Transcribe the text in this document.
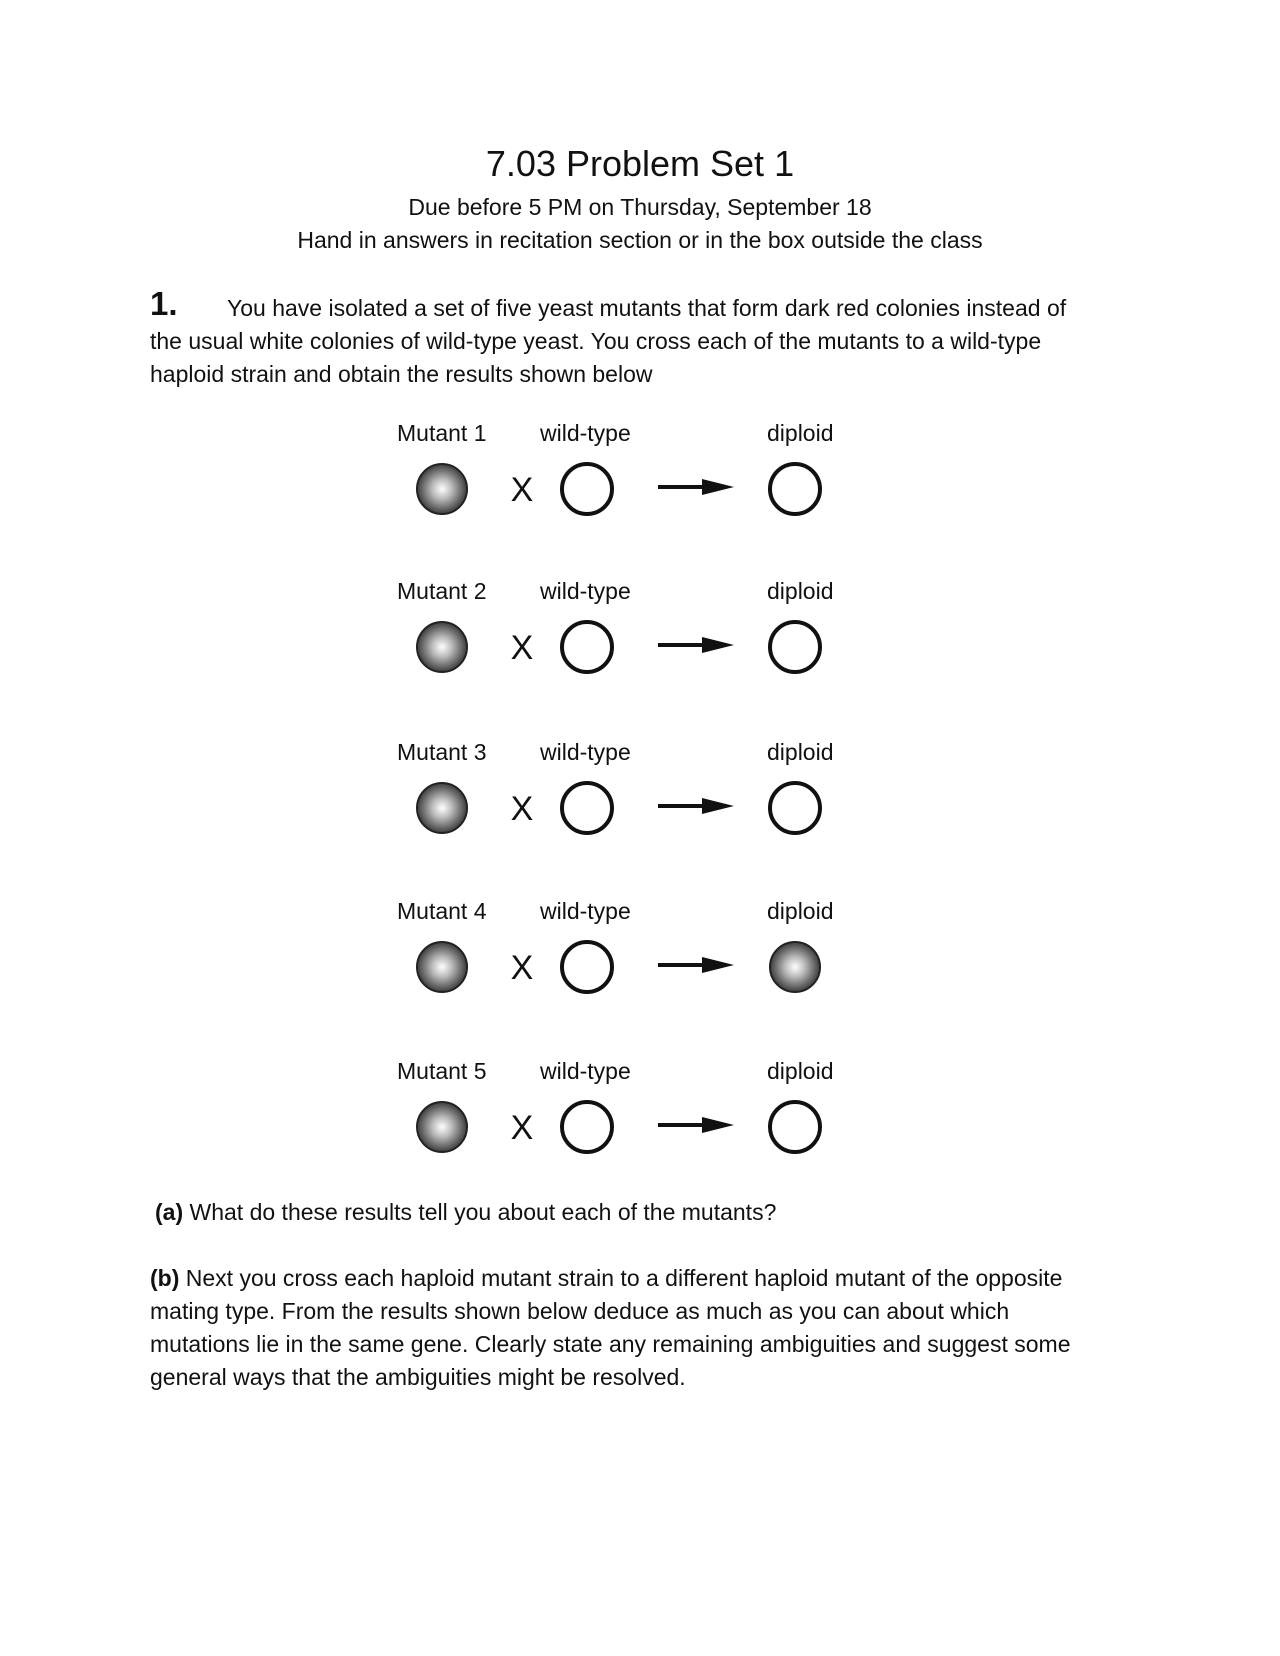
7.03 Problem Set 1
Due before 5 PM on Thursday, September 18
Hand in answers in recitation section or in the box outside the class
1. You have isolated a set of five yeast mutants that form dark red colonies instead of
the usual white colonies of wild-type yeast. You cross each of the mutants to a wild-type
haploid strain and obtain the results shown below
Mutant 1 wild-type	diploid
X
Mutant 2 wild-type	diploid
X
Mutant 3 wild-type	diploid
X
Mutant 4 wild-type	diploid
X
Mutant 5 wild-type	diploid
X
(a) What do these results tell you about each of the mutants?
(b) Next you cross each haploid mutant strain to a different haploid mutant of the opposite
mating type. From the results shown below deduce as much as you can about which
mutations lie in the same gene. Clearly state any remaining ambiguities and suggest some
general ways that the ambiguities might be resolved.
